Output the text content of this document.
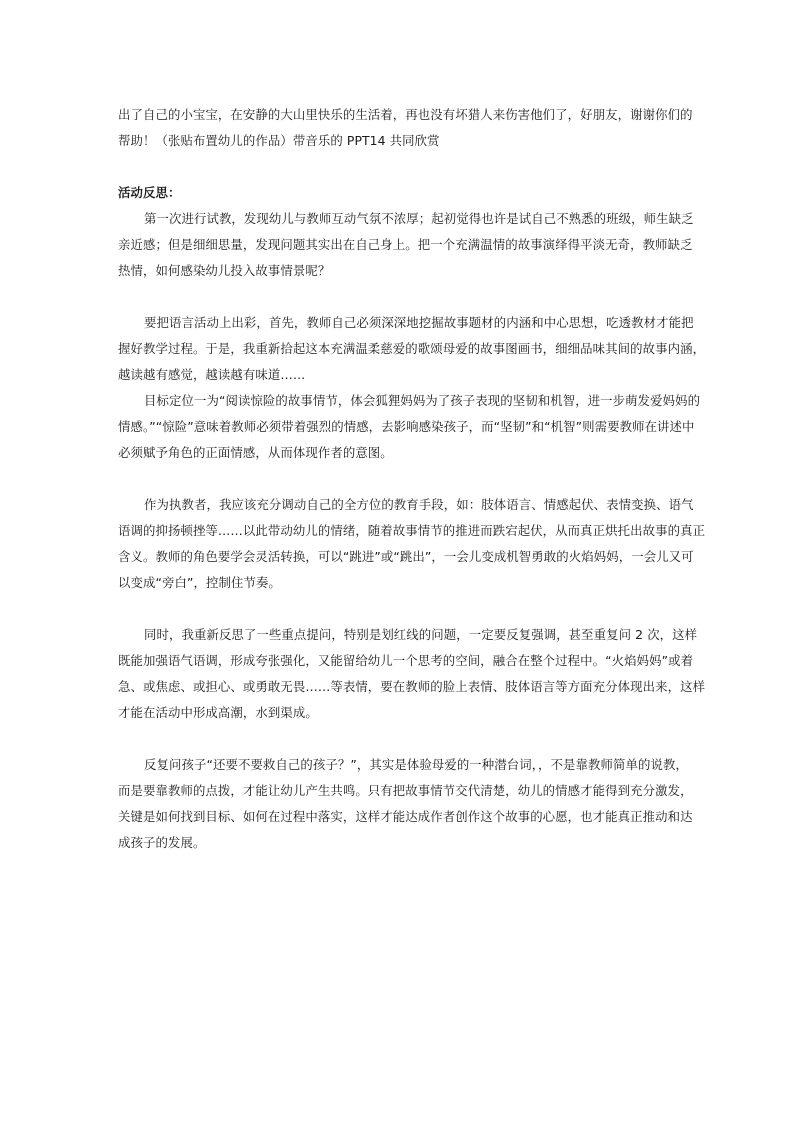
出了自己的小宝宝，在安静的大山里快乐的生活着，再也没有坏猎人来伤害他们了，好朋友，谢谢你们的
帮助！（张贴布置幼儿的作品）带音乐的 PPT14 共同欣赏
活动反思：
第一次进行试教，发现幼儿与教师互动气氛不浓厚；起初觉得也许是试自己不熟悉的班级，师生缺乏
亲近感；但是细细思量，发现问题其实出在自己身上。把一个充满温情的故事演绎得平淡无奇，教师缺乏
热情，如何感染幼儿投入故事情景呢？
要把语言活动上出彩，首先，教师自己必须深深地挖掘故事题材的内涵和中心思想，吃透教材才能把
握好教学过程。于是，我重新拾起这本充满温柔慈爱的歌颂母爱的故事图画书，细细品味其间的故事内涵，
越读越有感觉，越读越有味道……
目标定位一为“阅读惊险的故事情节，体会狐狸妈妈为了孩子表现的坚韧和机智，进一步萌发爱妈妈的
情感。”“惊险”意味着教师必须带着强烈的情感，去影响感染孩子，而“坚韧”和“机智”则需要教师在讲述中
必须赋予角色的正面情感，从而体现作者的意图。
作为执教者，我应该充分调动自己的全方位的教育手段，如：肢体语言、情感起伏、表情变换、语气
语调的抑扬顿挫等……以此带动幼儿的情绪，随着故事情节的推进而跌宕起伏，从而真正烘托出故事的真正
含义。教师的角色要学会灵活转换，可以“跳进”或“跳出”，一会儿变成机智勇敢的火焰妈妈，一会儿又可
以变成“旁白”，控制住节奏。
同时，我重新反思了一些重点提问，特别是划红线的问题，一定要反复强调，甚至重复问 2 次，这样
既能加强语气语调，形成夸张强化，又能留给幼儿一个思考的空间，融合在整个过程中。“火焰妈妈”或着
急、或焦虑、或担心、或勇敢无畏……等表情，要在教师的脸上表情、肢体语言等方面充分体现出来，这样
才能在活动中形成高潮，水到渠成。
反复问孩子“还要不要救自己的孩子？”，其实是体验母爱的一种潜台词，，不是靠教师简单的说教，
而是要靠教师的点拨，才能让幼儿产生共鸣。只有把故事情节交代清楚，幼儿的情感才能得到充分激发，
关键是如何找到目标、如何在过程中落实，这样才能达成作者创作这个故事的心愿，也才能真正推动和达
成孩子的发展。
